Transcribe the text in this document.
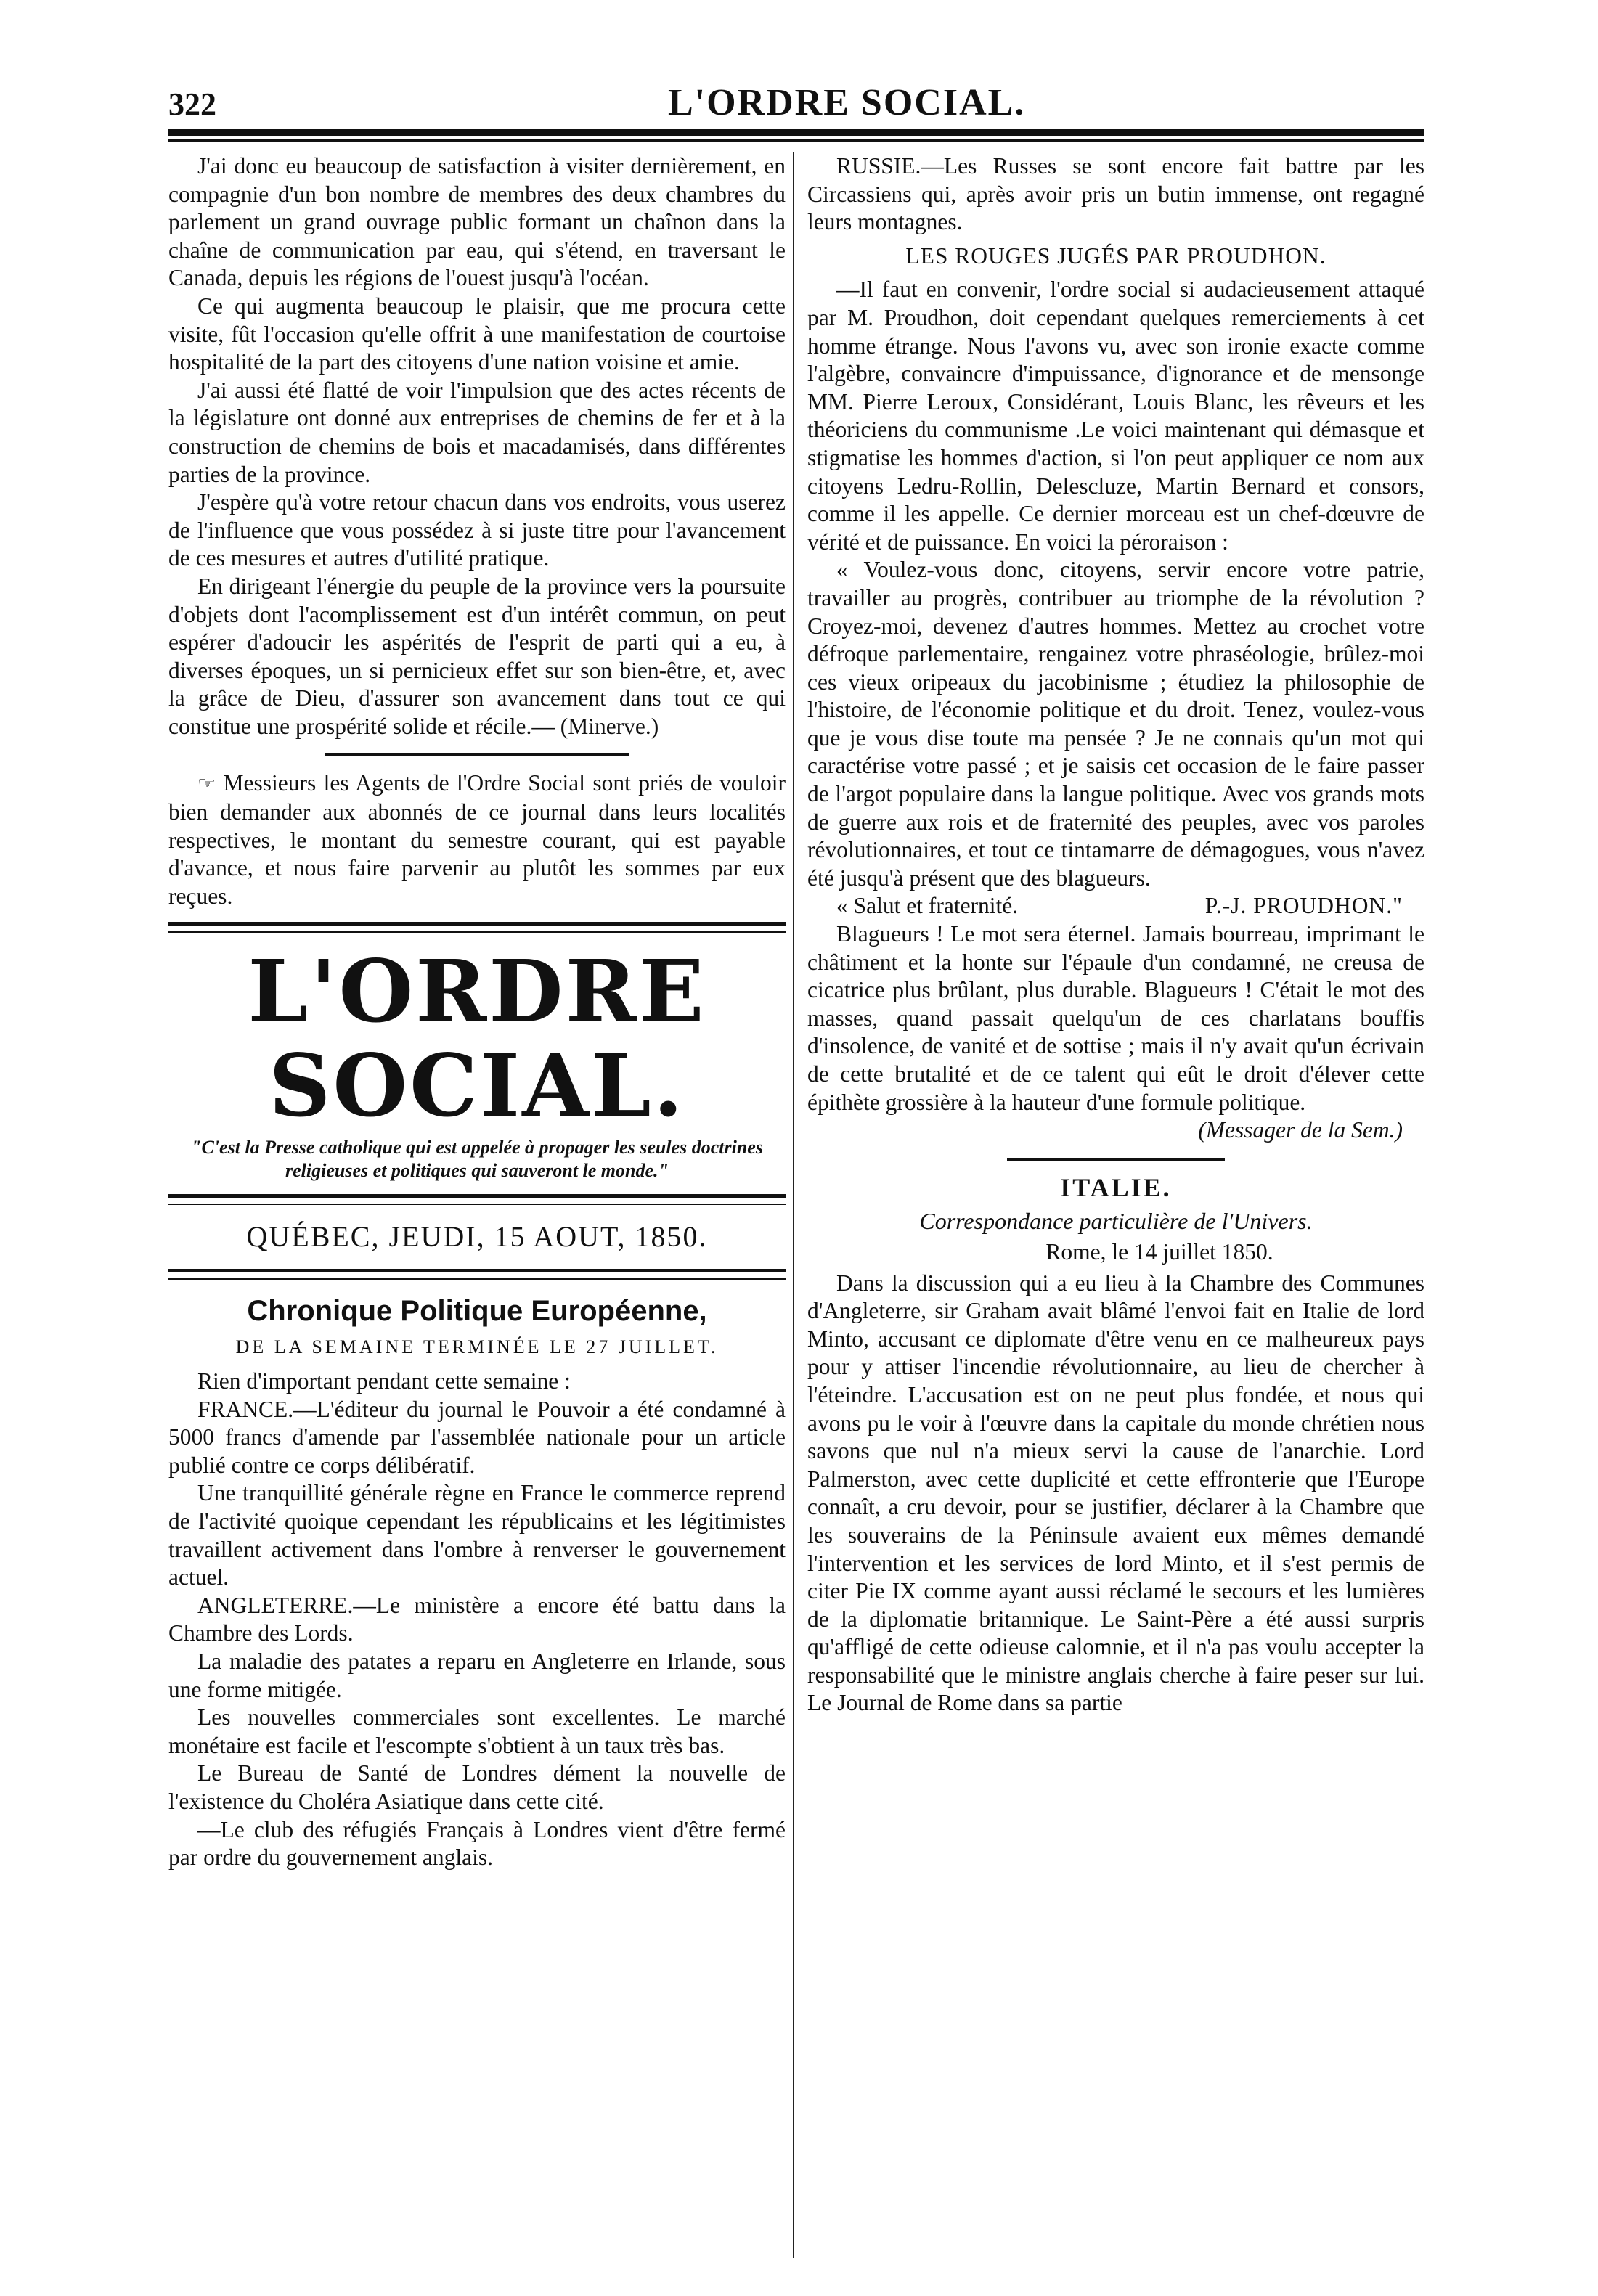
322	L'ORDRE SOCIAL.

J'ai donc eu beaucoup de satisfaction à visiter dernièrement, en compagnie d'un bon nombre de membres des deux chambres du parlement un grand ouvrage public formant un chaînon dans la chaîne de communication par eau, qui s'étend, en traversant le Canada, depuis les régions de l'ouest jusqu'à l'océan.

Ce qui augmenta beaucoup le plaisir, que me procura cette visite, fût l'occasion qu'elle offrit à une manifestation de courtoise hospitalité de la part des citoyens d'une nation voisine et amie.

J'ai aussi été flatté de voir l'impulsion que des actes récents de la législature ont donné aux entreprises de chemins de fer et à la construction de chemins de bois et macadamisés, dans différentes parties de la province.

J'espère qu'à votre retour chacun dans vos endroits, vous userez de l'influence que vous possédez à si juste titre pour l'avancement de ces mesures et autres d'utilité pratique.

En dirigeant l'énergie du peuple de la province vers la poursuite d'objets dont l'acomplissement est d'un intérêt commun, on peut espérer d'adoucir les aspérités de l'esprit de parti qui a eu, à diverses époques, un si pernicieux effet sur son bien-être, et, avec la grâce de Dieu, d'assurer son avancement dans tout ce qui constitue une prospérité solide et récile.— (Minerve.)

☞ Messieurs les Agents de l'Ordre Social sont priés de vouloir bien demander aux abonnés de ce journal dans leurs localités respectives, le montant du semestre courant, qui est payable d'avance, et nous faire parvenir au plutôt les sommes par eux reçues.

L'ORDRE SOCIAL.
"C'est la Presse catholique qui est appelée à propager les seules doctrines religieuses et politiques qui sauveront le monde."
QUÉBEC, JEUDI, 15 AOUT, 1850.
Chronique Politique Européenne,
DE LA SEMAINE TERMINÉE LE 27 JUILLET.

Rien d'important pendant cette semaine :

FRANCE.—L'éditeur du journal le Pouvoir a été condamné à 5000 francs d'amende par l'assemblée nationale pour un article publié contre ce corps délibératif.

Une tranquillité générale règne en France le commerce reprend de l'activité quoique cependant les républicains et les légitimistes travaillent activement dans l'ombre à renverser le gouvernement actuel.

ANGLETERRE.—Le ministère a encore été battu dans la Chambre des Lords.

La maladie des patates a reparu en Angleterre en Irlande, sous une forme mitigée.

Les nouvelles commerciales sont excellentes. Le marché monétaire est facile et l'escompte s'obtient à un taux très bas.

Le Bureau de Santé de Londres dément la nouvelle de l'existence du Choléra Asiatique dans cette cité.

—Le club des réfugiés Français à Londres vient d'être fermé par ordre du gouvernement anglais.

RUSSIE.—Les Russes se sont encore fait battre par les Circassiens qui, après avoir pris un butin immense, ont regagné leurs montagnes.

LES ROUGES JUGÉS PAR PROUDHON.

—Il faut en convenir, l'ordre social si audacieusement attaqué par M. Proudhon, doit cependant quelques remerciements à cet homme étrange. Nous l'avons vu, avec son ironie exacte comme l'algèbre, convaincre d'impuissance, d'ignorance et de mensonge MM. Pierre Leroux, Considérant, Louis Blanc, les rêveurs et les théoriciens du communisme .Le voici maintenant qui démasque et stigmatise les hommes d'action, si l'on peut appliquer ce nom aux citoyens Ledru-Rollin, Delescluze, Martin Bernard et consors, comme il les appelle. Ce dernier morceau est un chef-dœuvre de vérité et de puissance. En voici la péroraison :

« Voulez-vous donc, citoyens, servir encore votre patrie, travailler au progrès, contribuer au triomphe de la révolution ? Croyez-moi, devenez d'autres hommes. Mettez au crochet votre défroque parlementaire, rengainez votre phraséologie, brûlez-moi ces vieux oripeaux du jacobinisme ; étudiez la philosophie de l'histoire, de l'économie politique et du droit. Tenez, voulez-vous que je vous dise toute ma pensée ? Je ne connais qu'un mot qui caractérise votre passé ; et je saisis cet occasion de le faire passer de l'argot populaire dans la langue politique. Avec vos grands mots de guerre aux rois et de fraternité des peuples, avec vos paroles révolutionnaires, et tout ce tintamarre de démagogues, vous n'avez été jusqu'à présent que des blagueurs.

« Salut et fraternité.	P.-J. PROUDHON."

Blagueurs ! Le mot sera éternel. Jamais bourreau, imprimant le châtiment et la honte sur l'épaule d'un condamné, ne creusa de cicatrice plus brûlant, plus durable. Blagueurs ! C'était le mot des masses, quand passait quelqu'un de ces charlatans bouffis d'insolence, de vanité et de sottise ; mais il n'y avait qu'un écrivain de cette brutalité et de ce talent qui eût le droit d'élever cette épithète grossière à la hauteur d'une formule politique.

(Messager de la Sem.)

ITALIE.
Correspondance particulière de l'Univers.

Rome, le 14 juillet 1850.

Dans la discussion qui a eu lieu à la Chambre des Communes d'Angleterre, sir Graham avait blâmé l'envoi fait en Italie de lord Minto, accusant ce diplomate d'être venu en ce malheureux pays pour y attiser l'incendie révolutionnaire, au lieu de chercher à l'éteindre. L'accusation est on ne peut plus fondée, et nous qui avons pu le voir à l'œuvre dans la capitale du monde chrétien nous savons que nul n'a mieux servi la cause de l'anarchie. Lord Palmerston, avec cette duplicité et cette effronterie que l'Europe connaît, a cru devoir, pour se justifier, déclarer à la Chambre que les souverains de la Péninsule avaient eux mêmes demandé l'intervention et les services de lord Minto, et il s'est permis de citer Pie IX comme ayant aussi réclamé le secours et les lumières de la diplomatie britannique. Le Saint-Père a été aussi surpris qu'affligé de cette odieuse calomnie, et il n'a pas voulu accepter la responsabilité que le ministre anglais cherche à faire peser sur lui. Le Journal de Rome dans sa partie
